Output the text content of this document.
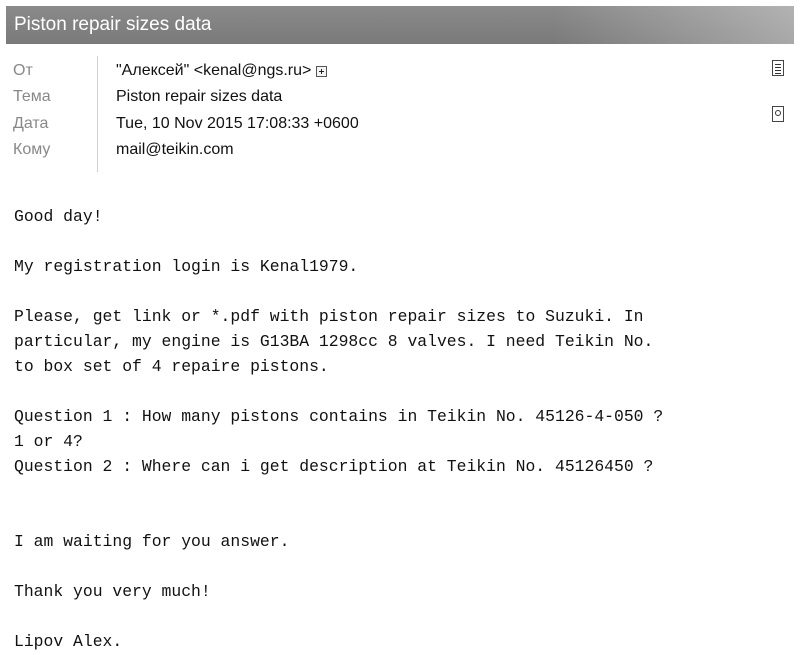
Piston repair sizes data
От	"Алексей" <kenal@ngs.ru>
Тема	Piston repair sizes data
Дата	Tue, 10 Nov 2015 17:08:33 +0600
Кому	mail@teikin.com
Good day!

My registration login is Kenal1979.

Please, get link or *.pdf with piston repair sizes to Suzuki. In
particular, my engine is G13BA 1298cc 8 valves. I need Teikin No.
to box set of 4 repaire pistons.

Question 1 : How many pistons contains in Teikin No. 45126-4-050 ?
1 or 4?
Question 2 : Where can i get description at Teikin No. 45126450 ?

I am waiting for you answer.

Thank you very much!

Lipov Alex.
